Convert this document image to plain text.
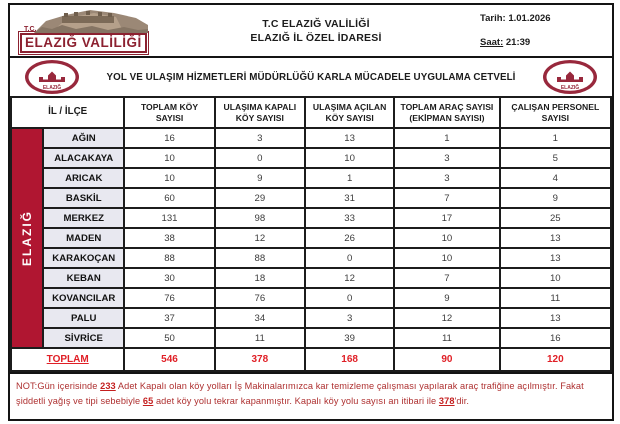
T.C.
ELAZIĞ VALİLİĞİ
T.C ELAZIĞ VALİLİĞİ
ELAZIĞ İL ÖZEL İDARESİ
Tarih: 1.01.2026
Saat: 21:39
İL ÖZEL İDARESİ
ELAZIĞ
YOL VE ULAŞIM HİZMETLERİ MÜDÜRLÜĞÜ KARLA MÜCADELE UYGULAMA CETVELİ	İL ÖZEL İDARESİ
ELAZIĞ
İL / İLÇE		TOPLAM KÖY SAYISI	ULAŞIMA KAPALI KÖY SAYISI	ULAŞIMA AÇILAN KÖY SAYISI	TOPLAM ARAÇ SAYISI (EKİPMAN SAYISI)	ÇALIŞAN PERSONEL SAYISI
ELAZIĞ	AĞIN	16	3	13	1	1
	ALACAKAYA	10	0	10	3	5
	ARICAK	10	9	1	3	4
	BASKİL	60	29	31	7	9
	MERKEZ	131	98	33	17	25
	MADEN	38	12	26	10	13
	KARAKOÇAN	88	88	0	10	13
	KEBAN	30	18	12	7	10
	KOVANCILAR	76	76	0	9	11
	PALU	37	34	3	12	13
	SİVRİCE	50	11	39	11	16
TOPLAM		546	378	168	90	120
NOT:Gün içerisinde 233 Adet Kapalı olan köy yolları İş Makinalarımızca kar temizleme çalışması yapılarak araç trafiğine açılmıştır. Fakat şiddetli yağış ve tipi sebebiyle 65 adet köy yolu tekrar kapanmıştır. Kapalı köy yolu sayısı an itibari ile 378'dir.
